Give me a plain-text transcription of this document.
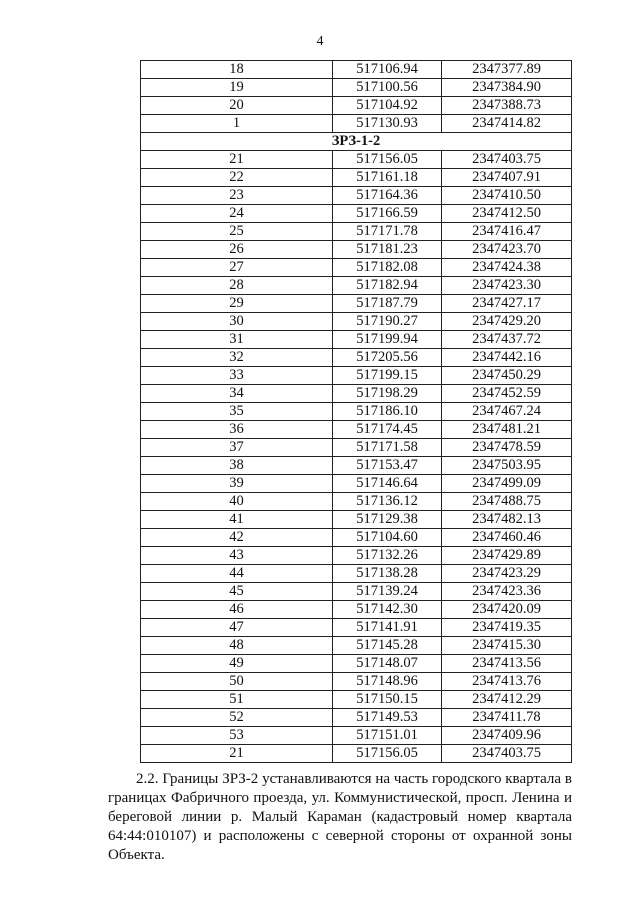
4
18	517106.94	2347377.89
19	517100.56	2347384.90
20	517104.92	2347388.73
1	517130.93	2347414.82
ЗРЗ-1-2		
21	517156.05	2347403.75
22	517161.18	2347407.91
23	517164.36	2347410.50
24	517166.59	2347412.50
25	517171.78	2347416.47
26	517181.23	2347423.70
27	517182.08	2347424.38
28	517182.94	2347423.30
29	517187.79	2347427.17
30	517190.27	2347429.20
31	517199.94	2347437.72
32	517205.56	2347442.16
33	517199.15	2347450.29
34	517198.29	2347452.59
35	517186.10	2347467.24
36	517174.45	2347481.21
37	517171.58	2347478.59
38	517153.47	2347503.95
39	517146.64	2347499.09
40	517136.12	2347488.75
41	517129.38	2347482.13
42	517104.60	2347460.46
43	517132.26	2347429.89
44	517138.28	2347423.29
45	517139.24	2347423.36
46	517142.30	2347420.09
47	517141.91	2347419.35
48	517145.28	2347415.30
49	517148.07	2347413.56
50	517148.96	2347413.76
51	517150.15	2347412.29
52	517149.53	2347411.78
53	517151.01	2347409.96
21	517156.05	2347403.75

2.2. Границы ЗРЗ-2 устанавливаются на часть городского квартала в границах Фабричного проезда, ул. Коммунистической, просп. Ленина и береговой линии р. Малый Караман (кадастровый номер квартала 64:44:010107) и расположены с северной стороны от охранной зоны Объекта.
